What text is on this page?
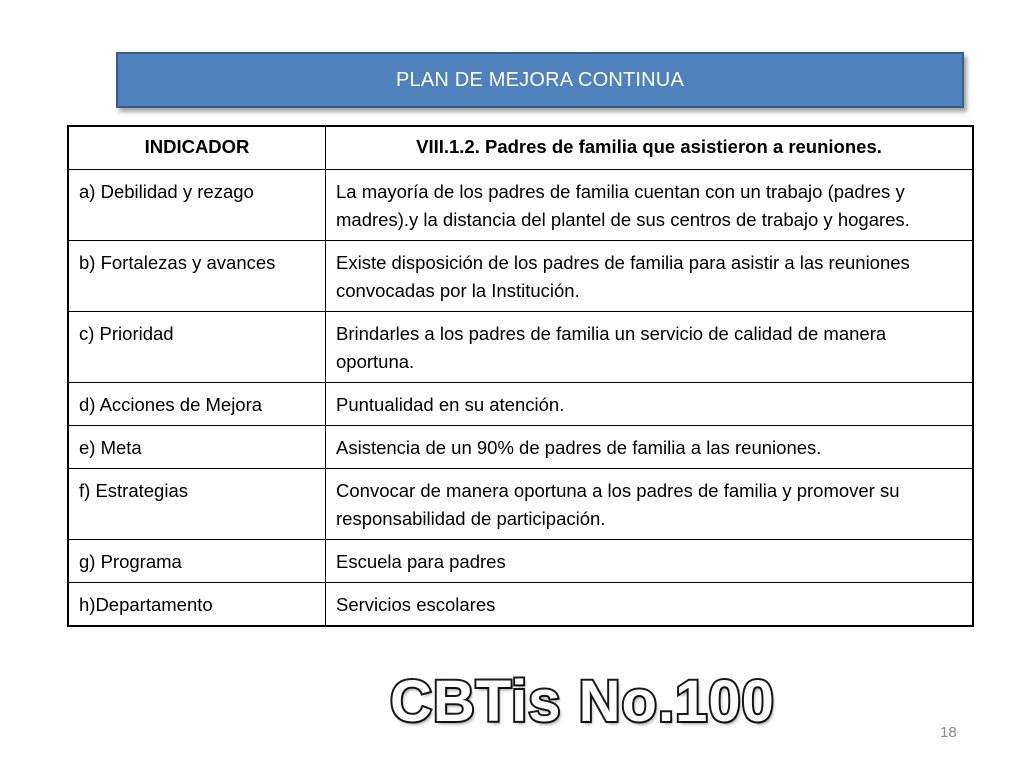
PLAN DE MEJORA CONTINUA
INDICADOR	VIII.1.2. Padres de familia que asistieron a reuniones.
a) Debilidad y rezago	La mayoría de los padres de familia cuentan con un trabajo (padres y madres).y la distancia del plantel de sus centros de trabajo y hogares.
b) Fortalezas y avances	Existe disposición de los padres de familia para asistir a las reuniones convocadas por la Institución.
c) Prioridad	Brindarles a los padres de familia un servicio de calidad de manera oportuna.
d) Acciones de Mejora	Puntualidad en su atención.
e) Meta	Asistencia de un 90% de padres de familia a las reuniones.
f) Estrategias	Convocar de manera oportuna a los padres de familia y promover su responsabilidad de participación.
g) Programa	Escuela para padres
h)Departamento	Servicios escolares
CBTis No.100	18
